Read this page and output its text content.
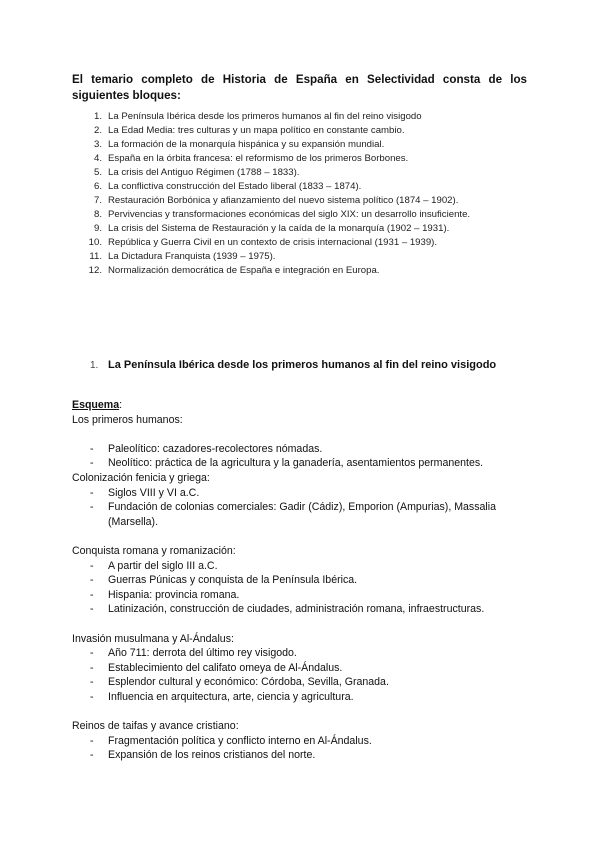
El temario completo de Historia de España en Selectividad consta de los siguientes bloques:
1. La Península Ibérica desde los primeros humanos al fin del reino visigodo
2. La Edad Media: tres culturas y un mapa político en constante cambio.
3. La formación de la monarquía hispánica y su expansión mundial.
4. España en la órbita francesa: el reformismo de los primeros Borbones.
5. La crisis del Antiguo Régimen (1788 – 1833).
6. La conflictiva construcción del Estado liberal (1833 – 1874).
7. Restauración Borbónica y afianzamiento del nuevo sistema político (1874 – 1902).
8. Pervivencias y transformaciones económicas del siglo XIX: un desarrollo insuficiente.
9. La crisis del Sistema de Restauración y la caída de la monarquía (1902 – 1931).
10. República y Guerra Civil en un contexto de crisis internacional (1931 – 1939).
11. La Dictadura Franquista (1939 – 1975).
12. Normalización democrática de España e integración en Europa.
1. La Península Ibérica desde los primeros humanos al fin del reino visigodo
Esquema:
Los primeros humanos:
- Paleolítico: cazadores-recolectores nómadas.
- Neolítico: práctica de la agricultura y la ganadería, asentamientos permanentes.
Colonización fenicia y griega:
- Siglos VIII y VI a.C.
- Fundación de colonias comerciales: Gadir (Cádiz), Emporion (Ampurias), Massalia (Marsella).
Conquista romana y romanización:
- A partir del siglo III a.C.
- Guerras Púnicas y conquista de la Península Ibérica.
- Hispania: provincia romana.
- Latinización, construcción de ciudades, administración romana, infraestructuras.
Invasión musulmana y Al-Ándalus:
- Año 711: derrota del último rey visigodo.
- Establecimiento del califato omeya de Al-Ándalus.
- Esplendor cultural y económico: Córdoba, Sevilla, Granada.
- Influencia en arquitectura, arte, ciencia y agricultura.
Reinos de taifas y avance cristiano:
- Fragmentación política y conflicto interno en Al-Ándalus.
- Expansión de los reinos cristianos del norte.
